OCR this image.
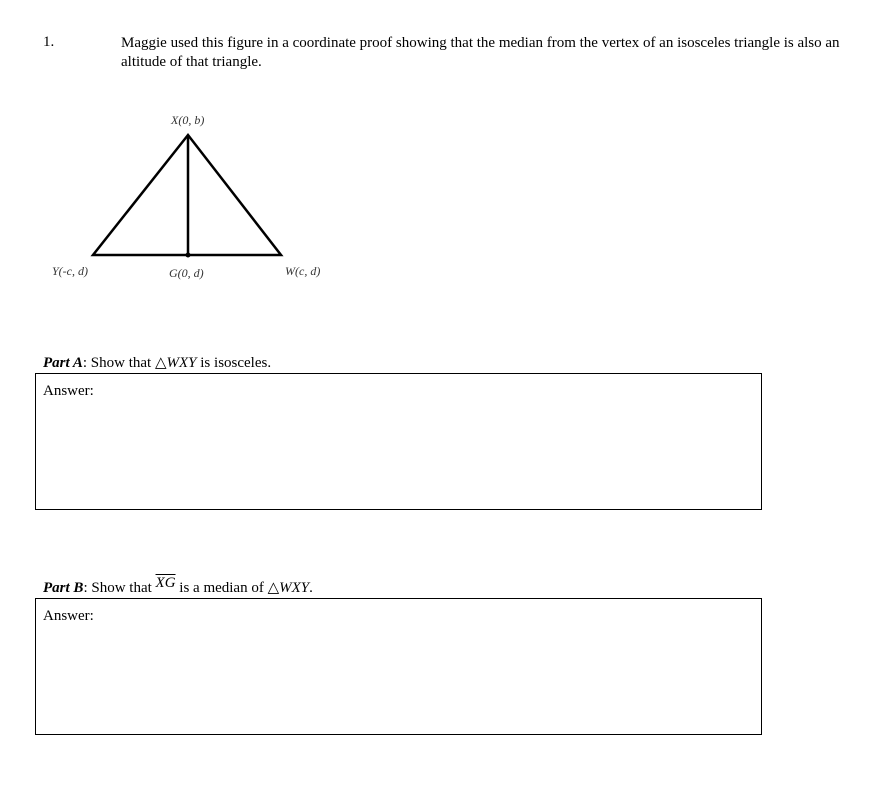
1.	Maggie used this figure in a coordinate proof showing that the median from the vertex of an isosceles triangle is also an altitude of that triangle.
X(0, b)
Y(-c, d)	G(0, d)	W(c, d)
Part A: Show that △WXY is isosceles.
Answer:
Part B: Show that $\overline{XG}$ is a median of △WXY.
Answer:
